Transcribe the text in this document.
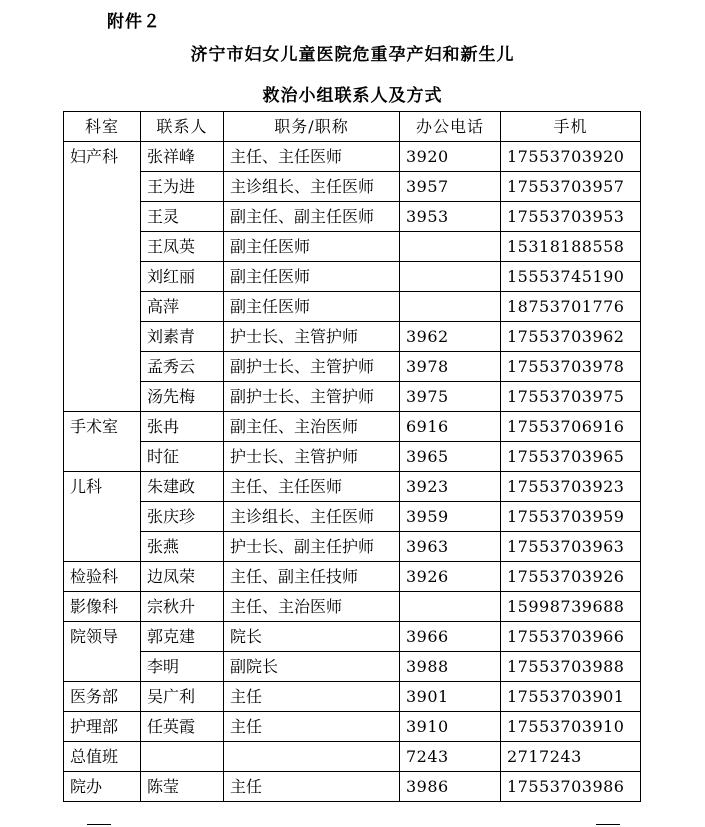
附件２
济宁市妇女儿童医院危重孕产妇和新生儿
救治小组联系人及方式
科室	联系人	职务/职称	办公电话	手机
妇产科	张祥峰	主任、主任医师	3920	17553703920
	王为进	主诊组长、主任医师	3957	17553703957
	王灵	副主任、副主任医师	3953	17553703953
	王凤英	副主任医师		15318188558
	刘红丽	副主任医师		15553745190
	高萍	副主任医师		18753701776
	刘素青	护士长、主管护师	3962	17553703962
	孟秀云	副护士长、主管护师	3978	17553703978
	汤先梅	副护士长、主管护师	3975	17553703975
手术室	张冉	副主任、主治医师	6916	17553706916
	时征	护士长、主管护师	3965	17553703965
儿科	朱建政	主任、主任医师	3923	17553703923
	张庆珍	主诊组长、主任医师	3959	17553703959
	张燕	护士长、副主任护师	3963	17553703963
检验科	边凤荣	主任、副主任技师	3926	17553703926
影像科	宗秋升	主任、主治医师		15998739688
院领导	郭克建	院长	3966	17553703966
	李明	副院长	3988	17553703988
医务部	吴广利	主任	3901	17553703901
护理部	任英霞	主任	3910	17553703910
总值班			7243	2717243
院办	陈莹	主任	3986	17553703986
